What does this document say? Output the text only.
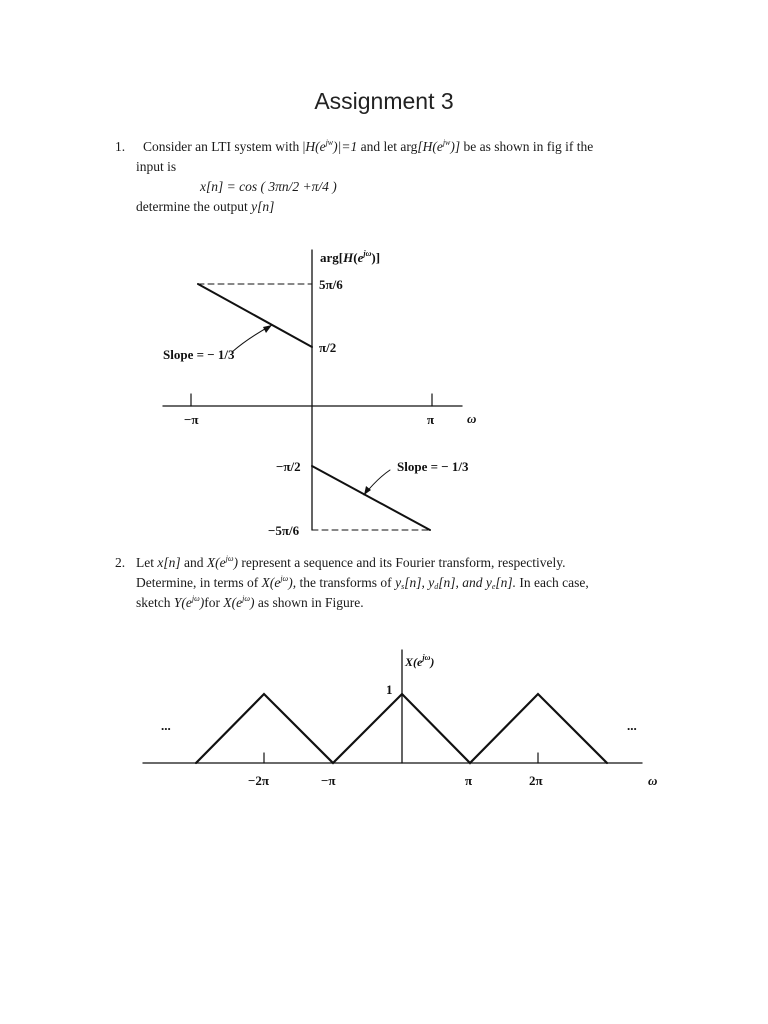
Assignment 3
1. Consider an LTI system with $|H(e^{jw})|=1$ and let $arg[H(e^{jw})]$ be as shown in fig if the
input is
x[n] = cos ( 3πn/2 +π/4 )
determine the output y[n]
$arg[H(e^{j\omega})]$
5π/6
π/2
−π/2
−5π/6
−π	π	ω
Slope = − 1/3
Slope = − 1/3
2. Let x[n] and $X(e^{j\omega})$ represent a sequence and its Fourier transform, respectively.
Determine, in terms of $X(e^{j\omega})$, the transforms of $y_s[n]$, $y_d[n]$, and $y_e[n]$. In each case,
sketch $Y(e^{j\omega})for$ $X(e^{j\omega})$ as shown in Figure.
$X(e^{j\omega})$
1
−2π	−π	π	2π	ω
...	...
